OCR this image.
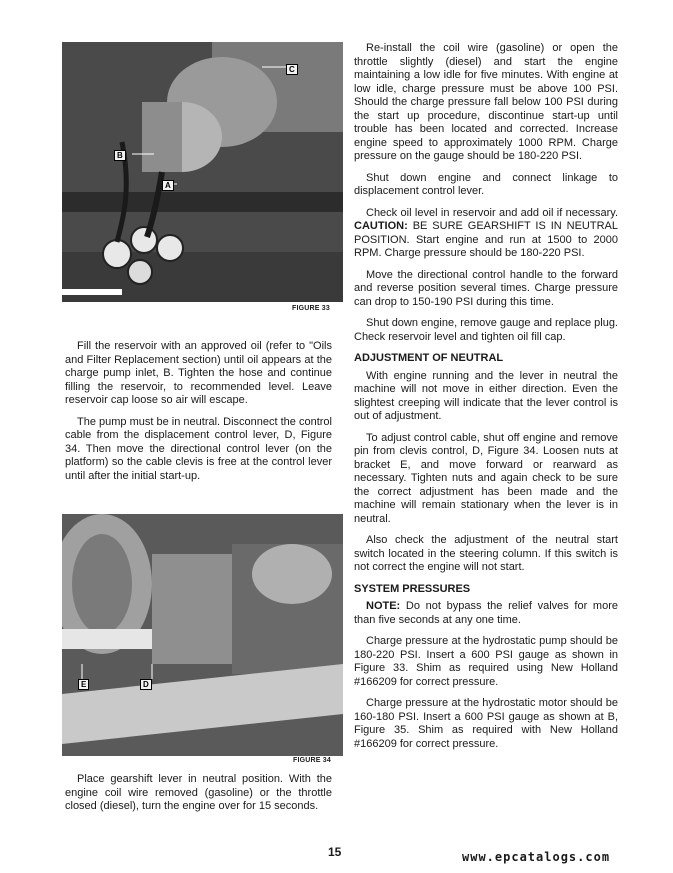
C
B
A
FIGURE 33

Fill the reservoir with an approved oil (refer to "Oils and Filter Replacement section) until oil appears at the charge pump inlet, B. Tighten the hose and continue filling the reservoir, to recommended level. Leave reservoir cap loose so air will escape.

The pump must be in neutral. Disconnect the control cable from the displacement control lever, D, Figure 34. Then move the directional control lever (on the platform) so the cable clevis is free at the control lever until after the initial start-up.

E	D
FIGURE 34

Place gearshift lever in neutral position. With the engine coil wire removed (gasoline) or the throttle closed (diesel), turn the engine over for 15 seconds.

Re-install the coil wire (gasoline) or open the throttle slightly (diesel) and start the engine maintaining a low idle for five minutes. With engine at low idle, charge pressure must be above 100 PSI. Should the charge pressure fall below 100 PSI during the start up procedure, discontinue start-up until trouble has been located and corrected. Increase engine speed to approximately 1000 RPM. Charge pressure on the gauge should be 180-220 PSI.

Shut down engine and connect linkage to displacement control lever.

Check oil level in reservoir and add oil if necessary. CAUTION: BE SURE GEARSHIFT IS IN NEUTRAL POSITION. Start engine and run at 1500 to 2000 RPM. Charge pressure should be 180-220 PSI.

Move the directional control handle to the forward and reverse position several times. Charge pressure can drop to 150-190 PSI during this time.

Shut down engine, remove gauge and replace plug. Check reservoir level and tighten oil fill cap.

ADJUSTMENT OF NEUTRAL

With engine running and the lever in neutral the machine will not move in either direction. Even the slightest creeping will indicate that the lever control is out of adjustment.

To adjust control cable, shut off engine and remove pin from clevis control, D, Figure 34. Loosen nuts at bracket E, and move forward or rearward as necessary. Tighten nuts and again check to be sure the correct adjustment has been made and the machine will remain stationary when the lever is in neutral.

Also check the adjustment of the neutral start switch located in the steering column. If this switch is not correct the engine will not start.

SYSTEM PRESSURES

NOTE: Do not bypass the relief valves for more than five seconds at any one time.

Charge pressure at the hydrostatic pump should be 180-220 PSI. Insert a 600 PSI gauge as shown in Figure 33. Shim as required using New Holland #166209 for correct pressure.

Charge pressure at the hydrostatic motor should be 160-180 PSI. Insert a 600 PSI gauge as shown at B, Figure 35. Shim as required with New Holland #166209 for correct pressure.

15	www.epcatalogs.com
